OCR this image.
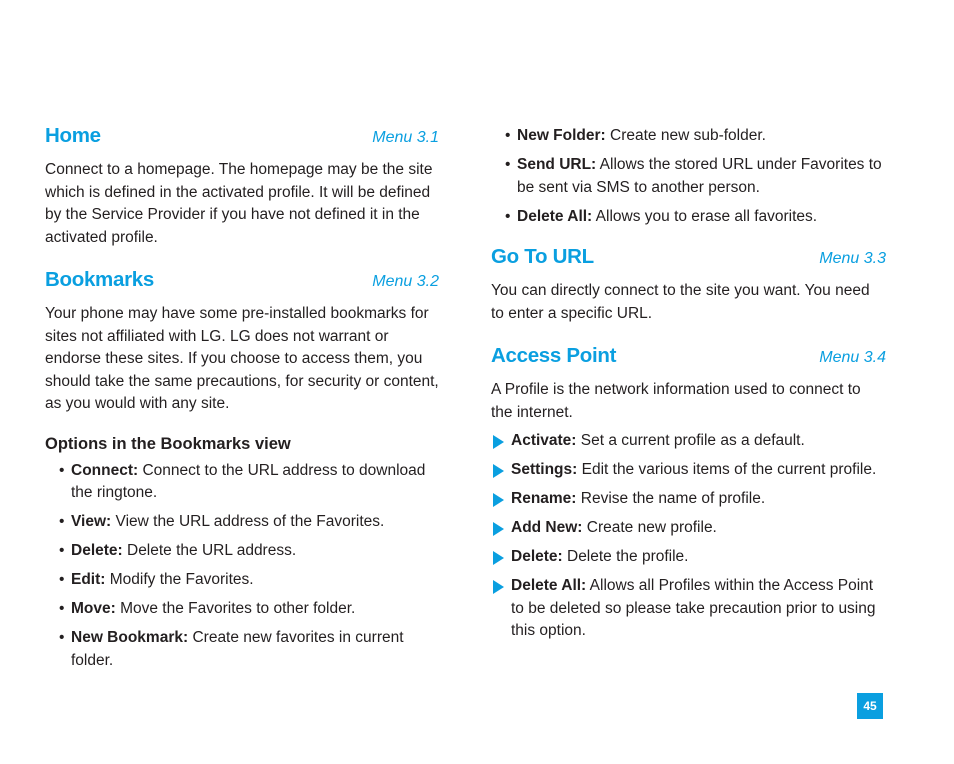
Home	Menu 3.1

Connect to a homepage. The homepage may be the site which is defined in the activated profile. It will be defined by the Service Provider if you have not defined it in the activated profile.

Bookmarks	Menu 3.2

Your phone may have some pre-installed bookmarks for sites not affiliated with LG. LG does not warrant or endorse these sites. If you choose to access them, you should take the same precautions, for security or content, as you would with any site.

Options in the Bookmarks view

• Connect: Connect to the URL address to download the ringtone.
• View: View the URL address of the Favorites.
• Delete: Delete the URL address.
• Edit: Modify the Favorites.
• Move: Move the Favorites to other folder.
• New Bookmark: Create new favorites in current folder.
• New Folder: Create new sub-folder.
• Send URL: Allows the stored URL under Favorites to be sent via SMS to another person.
• Delete All: Allows you to erase all favorites.
Go To URL	Menu 3.3

You can directly connect to the site you want. You need to enter a specific URL.

Access Point	Menu 3.4

A Profile is the network information used to connect to the internet.

Activate: Set a current profile as a default.
Settings: Edit the various items of the current profile.
Rename: Revise the name of profile.
Add New: Create new profile.
Delete: Delete the profile.
Delete All: Allows all Profiles within the Access Point to be deleted so please take precaution prior to using this option.
45
